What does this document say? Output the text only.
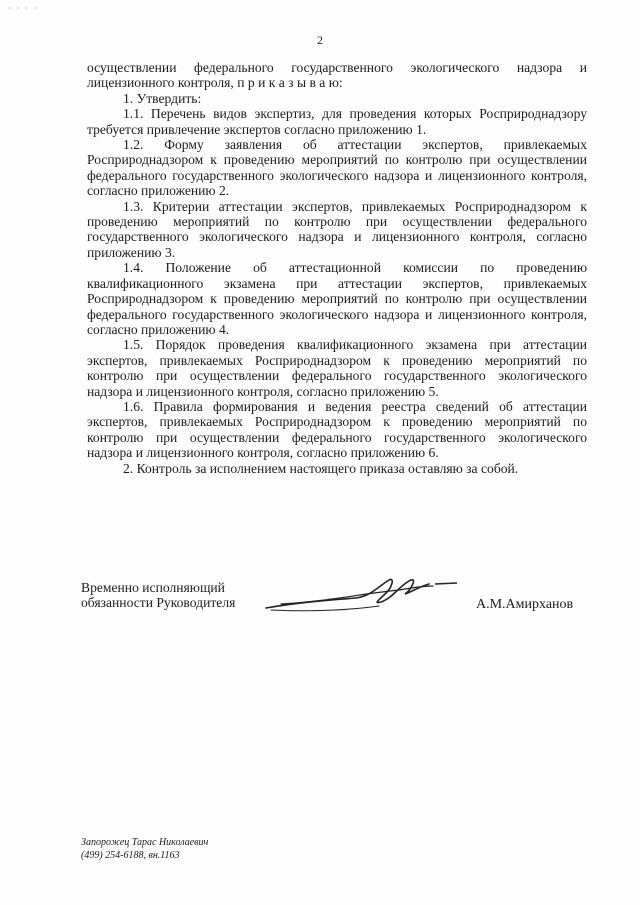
· · · ·
2

осуществлении федерального государственного экологического надзора и лицензионного контроля, п р и к а з ы в а ю:

1. Утвердить:

1.1. Перечень видов экспертиз, для проведения которых Росприроднадзору требуется привлечение экспертов согласно приложению 1.

1.2. Форму заявления об аттестации экспертов, привлекаемых Росприроднадзором к проведению мероприятий по контролю при осуществлении федерального государственного экологического надзора и лицензионного контроля, согласно приложению 2.

1.3. Критерии аттестации экспертов, привлекаемых Росприроднадзором к проведению мероприятий по контролю при осуществлении федерального государственного экологического надзора и лицензионного контроля, согласно приложению 3.

1.4. Положение об аттестационной комиссии по проведению квалификационного экзамена при аттестации экспертов, привлекаемых Росприроднадзором к проведению мероприятий по контролю при осуществлении федерального государственного экологического надзора и лицензионного контроля, согласно приложению 4.

1.5. Порядок проведения квалификационного экзамена при аттестации экспертов, привлекаемых Росприроднадзором к проведению мероприятий по контролю при осуществлении федерального государственного экологического надзора и лицензионного контроля, согласно приложению 5.

1.6. Правила формирования и ведения реестра сведений об аттестации экспертов, привлекаемых Росприроднадзором к проведению мероприятий по контролю при осуществлении федерального государственного экологического надзора и лицензионного контроля, согласно приложению 6.

2. Контроль за исполнением настоящего приказа оставляю за собой.

Временно исполняющий
обязанности Руководителя	А.М.Амирханов
Запорожец Тарас Николаевич
(499) 254-6188, вн.1163
